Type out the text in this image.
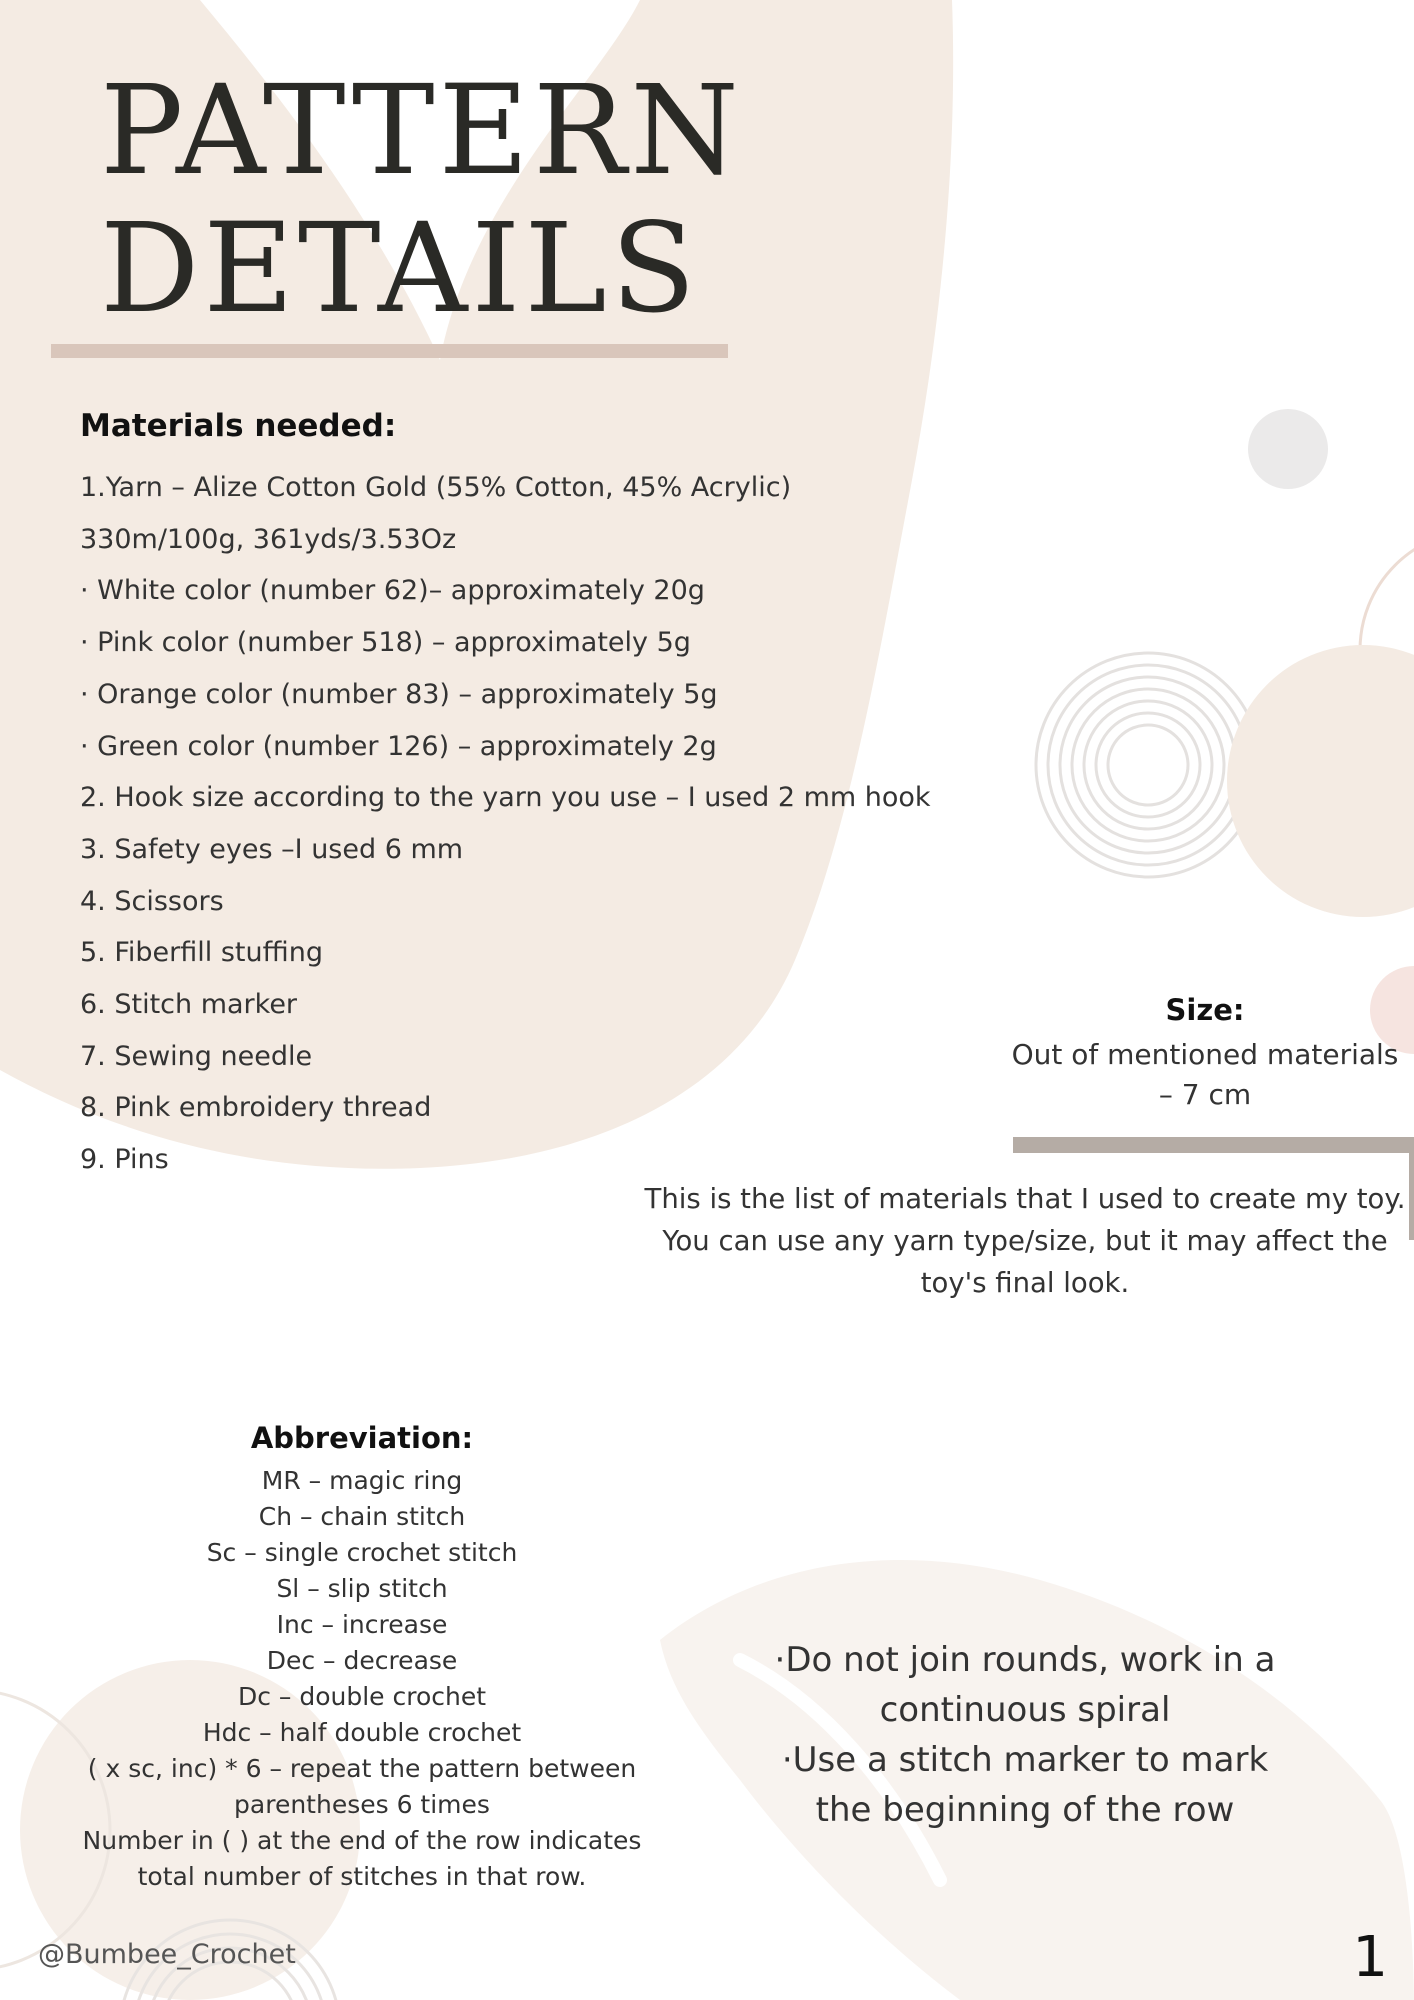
PATTERN
DETAILS
Materials needed:
1.Yarn – Alize Cotton Gold (55% Cotton, 45% Acrylic)
330m/100g, 361yds/3.53Oz
· White color (number 62)– approximately 20g
· Pink color (number 518) – approximately 5g
· Orange color (number 83) – approximately 5g
· Green color (number 126) – approximately 2g
2. Hook size according to the yarn you use – I used 2 mm hook
3. Safety eyes –I used 6 mm
4. Scissors
5. Fiberfill stuffing
6. Stitch marker
7. Sewing needle
8. Pink embroidery thread
9. Pins
Size:

Out of mentioned materials – 7 cm

This is the list of materials that I used to create my toy. You can use any yarn type/size, but it may affect the toy's final look.

Abbreviation:
MR – magic ring
Ch – chain stitch
Sc – single crochet stitch
Sl – slip stitch
Inc – increase
Dec – decrease
Dc – double crochet
Hdc – half double crochet
( x sc, inc) * 6 – repeat the pattern between parentheses 6 times
Number in ( ) at the end of the row indicates total number of stitches in that row.

·Do not join rounds, work in a continuous spiral

·Use a stitch marker to mark the beginning of the row

@Bumbee_Crochet	1
